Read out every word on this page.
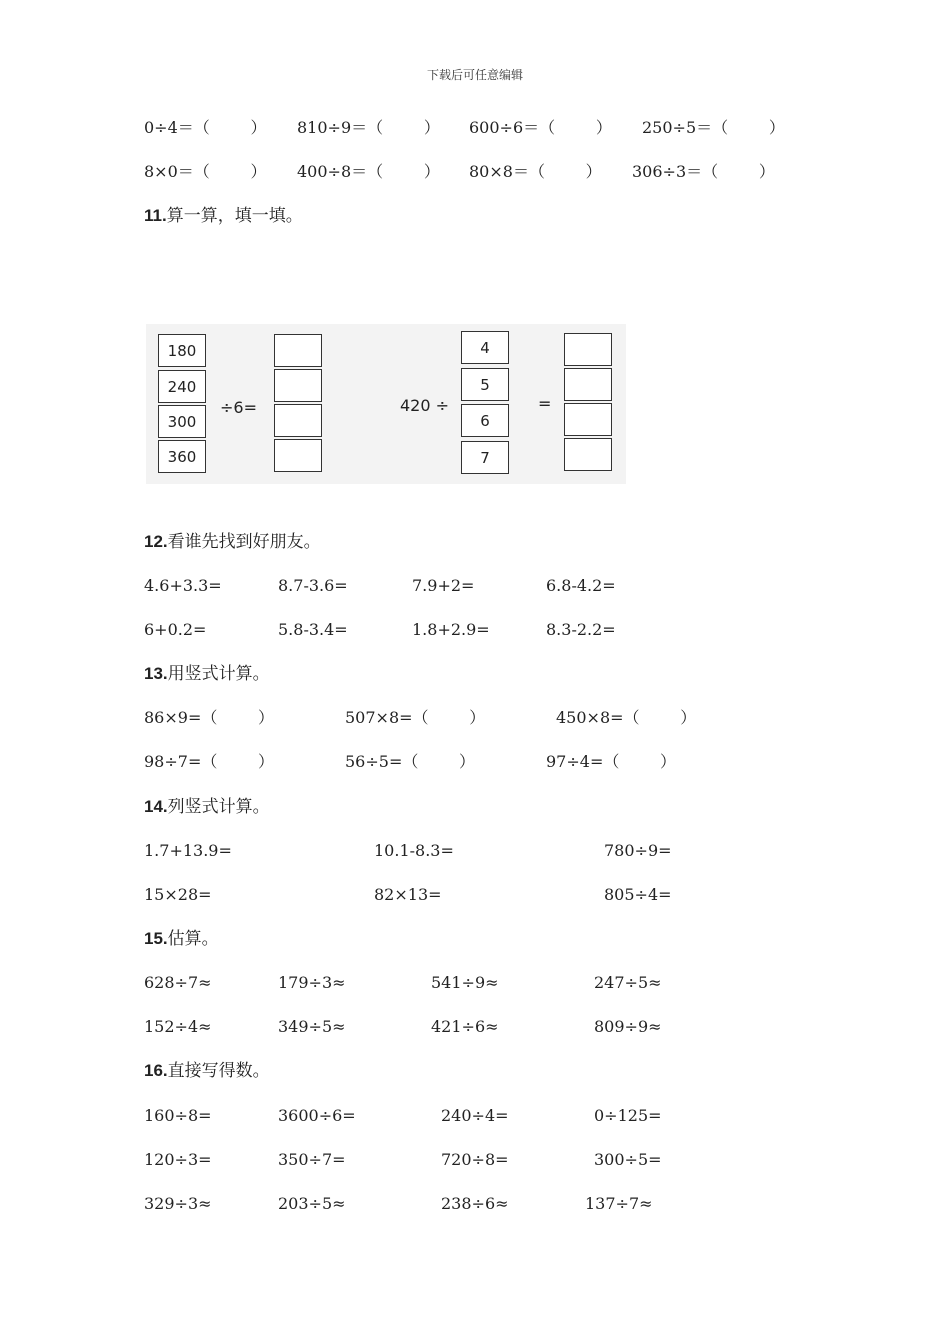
下载后可任意编辑
0÷4＝（        ） 810÷9＝（        ） 600÷6＝（        ） 250÷5＝（        ）
8×0＝（        ） 400÷8＝（        ） 80×8＝（        ） 306÷3＝（        ）
11.算一算，填一填。
180
240
300
360
÷6=	420 ÷
4
5
6
7
=
12.看谁先找到好朋友。
4.6+3.3=	8.7-3.6=	7.9+2=	6.8-4.2=
6+0.2=	5.8-3.4=	1.8+2.9=	8.3-2.2=
13.用竖式计算。
86×9=（        ）	507×8=（        ）	450×8=（        ）
98÷7=（        ）	56÷5=（        ）	97÷4=（        ）
14.列竖式计算。
1.7+13.9=	10.1-8.3=	780÷9=
15×28=	82×13=	805÷4=
15.估算。
628÷7≈	179÷3≈	541÷9≈	247÷5≈
152÷4≈	349÷5≈	421÷6≈	809÷9≈
16.直接写得数。
160÷8=	3600÷6=	240÷4=	0÷125=
120÷3=	350÷7=	720÷8=	300÷5=
329÷3≈	203÷5≈	238÷6≈	137÷7≈
